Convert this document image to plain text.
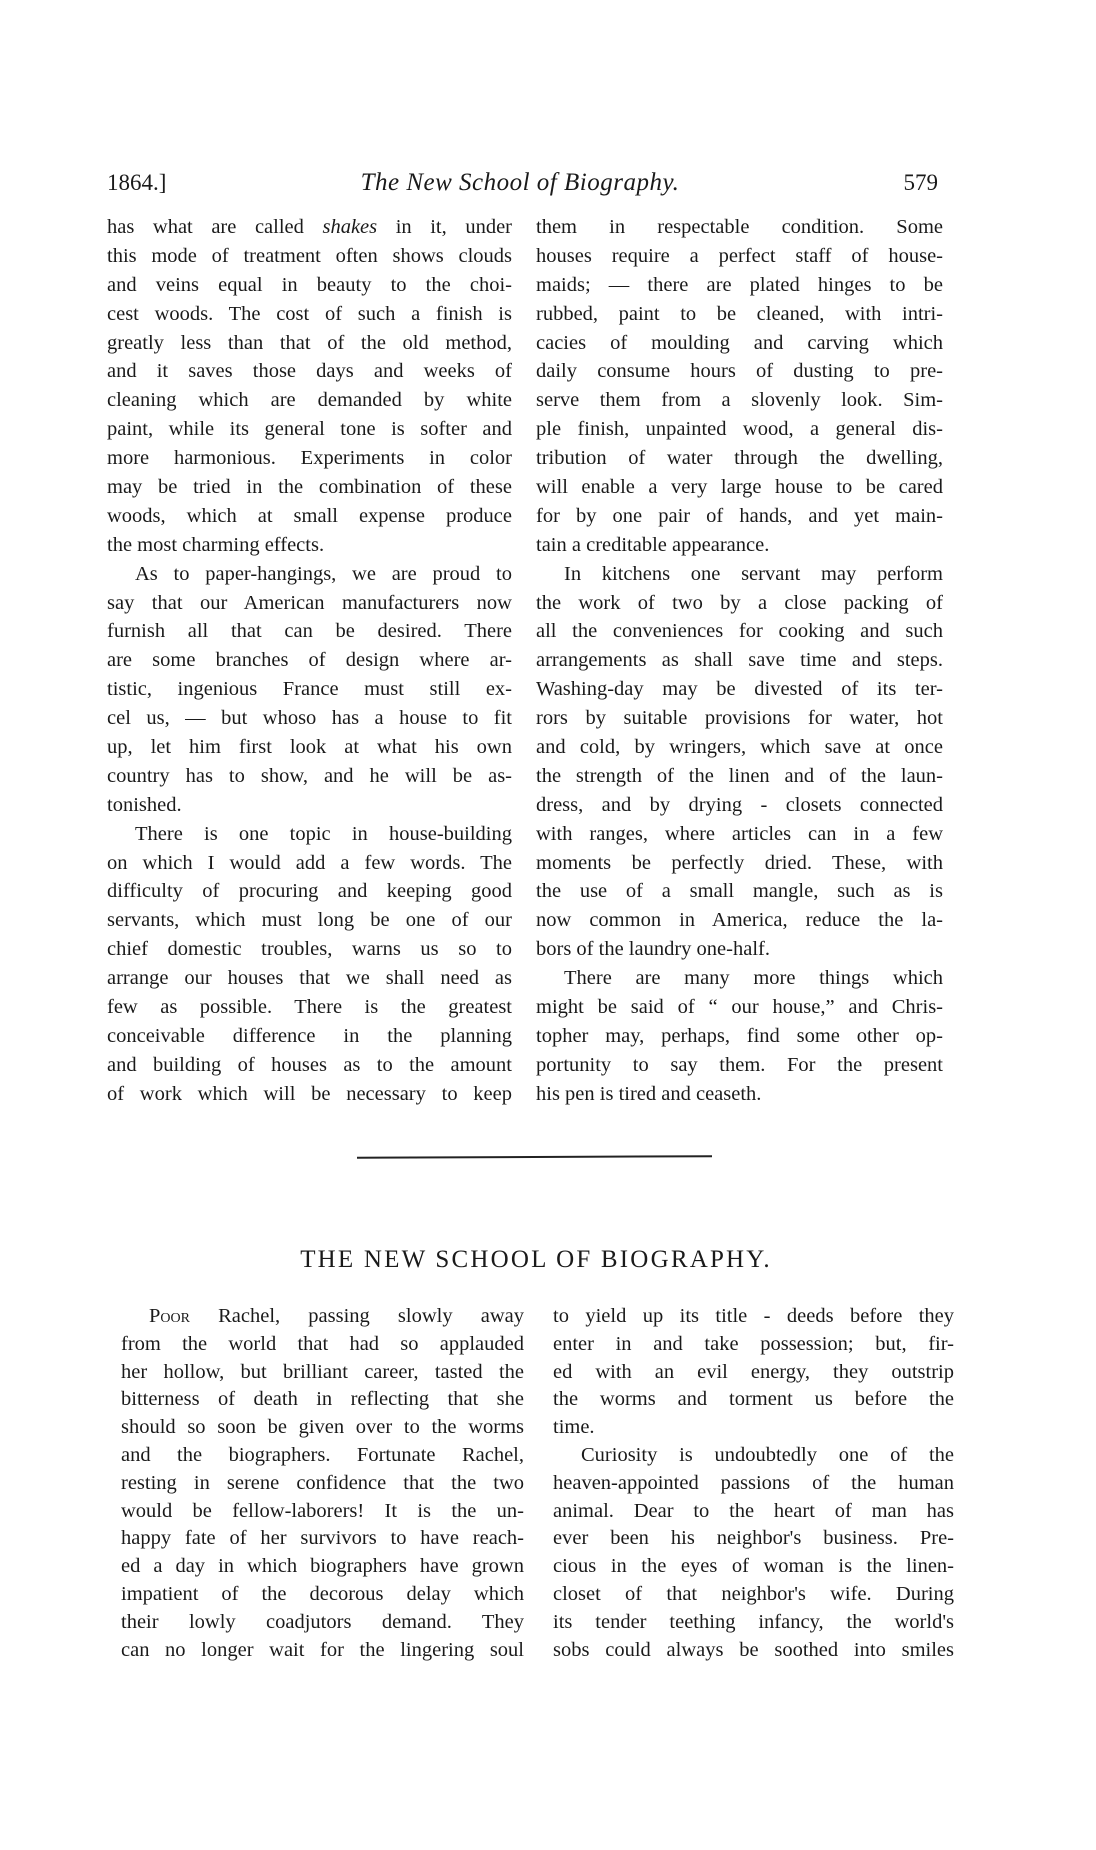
1864.]	The New School of Biography.	579
has what are called shakes in it, under
this mode of treatment often shows clouds
and veins equal in beauty to the choi-
cest woods. The cost of such a finish is
greatly less than that of the old method,
and it saves those days and weeks of
cleaning which are demanded by white
paint, while its general tone is softer and
more harmonious. Experiments in color
may be tried in the combination of these
woods, which at small expense produce
the most charming effects.
As to paper-hangings, we are proud to
say that our American manufacturers now
furnish all that can be desired. There
are some branches of design where ar-
tistic, ingenious France must still ex-
cel us, — but whoso has a house to fit
up, let him first look at what his own
country has to show, and he will be as-
tonished.
There is one topic in house-building
on which I would add a few words. The
difficulty of procuring and keeping good
servants, which must long be one of our
chief domestic troubles, warns us so to
arrange our houses that we shall need as
few as possible. There is the greatest
conceivable difference in the planning
and building of houses as to the amount
of work which will be necessary to keep
them in respectable condition. Some
houses require a perfect staff of house-
maids; — there are plated hinges to be
rubbed, paint to be cleaned, with intri-
cacies of moulding and carving which
daily consume hours of dusting to pre-
serve them from a slovenly look. Sim-
ple finish, unpainted wood, a general dis-
tribution of water through the dwelling,
will enable a very large house to be cared
for by one pair of hands, and yet main-
tain a creditable appearance.
In kitchens one servant may perform
the work of two by a close packing of
all the conveniences for cooking and such
arrangements as shall save time and steps.
Washing-day may be divested of its ter-
rors by suitable provisions for water, hot
and cold, by wringers, which save at once
the strength of the linen and of the laun-
dress, and by drying - closets connected
with ranges, where articles can in a few
moments be perfectly dried. These, with
the use of a small mangle, such as is
now common in America, reduce the la-
bors of the laundry one-half.
There are many more things which
might be said of “ our house,” and Chris-
topher may, perhaps, find some other op-
portunity to say them. For the present
his pen is tired and ceaseth.
THE NEW SCHOOL OF BIOGRAPHY.
Poor Rachel, passing slowly away
from the world that had so applauded
her hollow, but brilliant career, tasted the
bitterness of death in reflecting that she
should so soon be given over to the worms
and the biographers. Fortunate Rachel,
resting in serene confidence that the two
would be fellow-laborers! It is the un-
happy fate of her survivors to have reach-
ed a day in which biographers have grown
impatient of the decorous delay which
their lowly coadjutors demand. They
can no longer wait for the lingering soul
to yield up its title - deeds before they
enter in and take possession; but, fir-
ed with an evil energy, they outstrip
the worms and torment us before the
time.
Curiosity is undoubtedly one of the
heaven-appointed passions of the human
animal. Dear to the heart of man has
ever been his neighbor's business. Pre-
cious in the eyes of woman is the linen-
closet of that neighbor's wife. During
its tender teething infancy, the world's
sobs could always be soothed into smiles
